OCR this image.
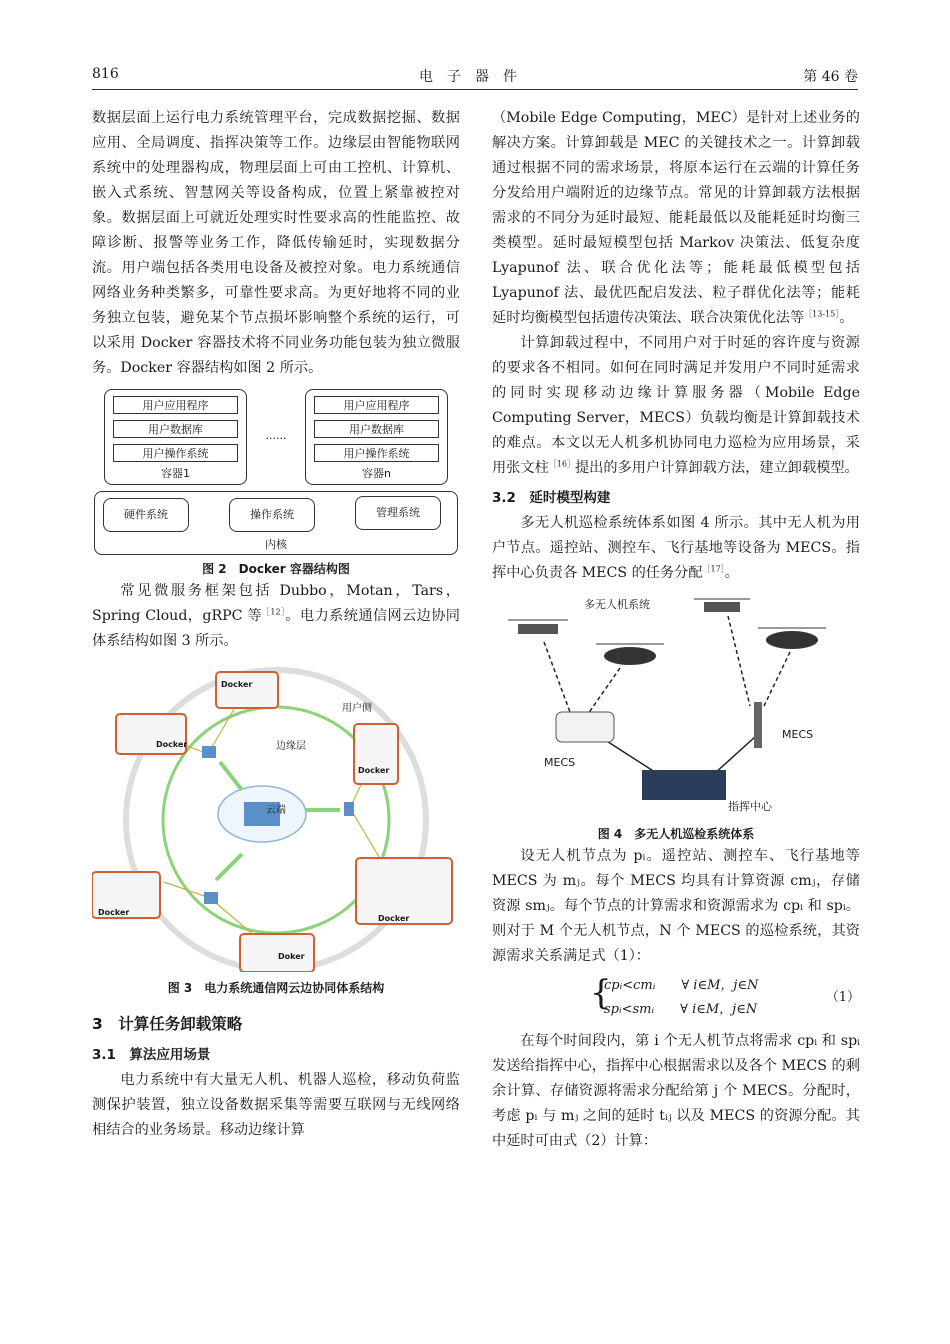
816	电子器件	第 46 卷

数据层面上运行电力系统管理平台，完成数据挖掘、数据应用、全局调度、指挥决策等工作。边缘层由智能物联网系统中的处理器构成，物理层面上可由工控机、计算机、嵌入式系统、智慧网关等设备构成，位置上紧靠被控对象。数据层面上可就近处理实时性要求高的性能监控、故障诊断、报警等业务工作，降低传输延时，实现数据分流。用户端包括各类用电设备及被控对象。电力系统通信网络业务种类繁多，可靠性要求高。为更好地将不同的业务独立包装，避免某个节点损坏影响整个系统的运行，可以采用 Docker 容器技术将不同业务功能包装为独立微服务。Docker 容器结构如图 2 所示。

用户应用程序
用户数据库
用户操作系统
容器1
......
用户应用程序
用户数据库
用户操作系统
容器n
硬件系统	操作系统	管理系统
内核
图 2　Docker 容器结构图

常见微服务框架包括 Dubbo，Motan，Tars，Spring Cloud，gRPC 等$^{[12]}$。电力系统通信网云边协同体系结构如图 3 所示。

Docker
Docker
Docker
Docker
Docker
Doker
用户侧
边缘层
云端
图 3　电力系统通信网云边协同体系结构
3　计算任务卸载策略
3.1　算法应用场景

电力系统中有大量无人机、机器人巡检，移动负荷监测保护装置，独立设备数据采集等需要互联网与无线网络相结合的业务场景。移动边缘计算

（Mobile Edge Computing，MEC）是针对上述业务的解决方案。计算卸载是 MEC 的关键技术之一。计算卸载通过根据不同的需求场景，将原本运行在云端的计算任务分发给用户端附近的边缘节点。常见的计算卸载方法根据需求的不同分为延时最短、能耗最低以及能耗延时均衡三类模型。延时最短模型包括 Markov 决策法、低复杂度 Lyapunof 法、联合优化法等；能耗最低模型包括 Lyapunof 法、最优匹配启发法、粒子群优化法等；能耗延时均衡模型包括遗传决策法、联合决策优化法等$^{[13-15]}$。

计算卸载过程中，不同用户对于时延的容许度与资源的要求各不相同。如何在同时满足并发用户不同时延需求的同时实现移动边缘计算服务器（Mobile Edge Computing Server，MECS）负载均衡是计算卸载技术的难点。本文以无人机多机协同电力巡检为应用场景，采用张文柱$^{[16]}$提出的多用户计算卸载方法，建立卸载模型。

3.2　延时模型构建

多无人机巡检系统体系如图 4 所示。其中无人机为用户节点。遥控站、测控车、飞行基地等设备为 MECS。指挥中心负责各 MECS 的任务分配$^{[17]}$。

多无人机系统
MECS
MECS
指挥中心
图 4　多无人机巡检系统体系

设无人机节点为 pᵢ。遥控站、测控车、飞行基地等 MECS 为 mⱼ。每个 MECS 均具有计算资源 cmⱼ，存储资源 smⱼ。每个节点的计算需求和资源需求为 cpᵢ 和 spᵢ。则对于 M 个无人机节点，N 个 MECS 的巡检系统，其资源需求关系满足式（1）：

{
cpᵢ<cmᵢ　　∀ i∈M，j∈N
spᵢ<smᵢ　　∀ i∈M，j∈N
（1）

在每个时间段内，第 i 个无人机节点将需求 cpᵢ 和 spᵢ 发送给指挥中心，指挥中心根据需求以及各个 MECS 的剩余计算、存储资源将需求分配给第 j 个 MECS。分配时，考虑 pᵢ 与 mⱼ 之间的延时 tᵢⱼ 以及 MECS 的资源分配。其中延时可由式（2）计算：
